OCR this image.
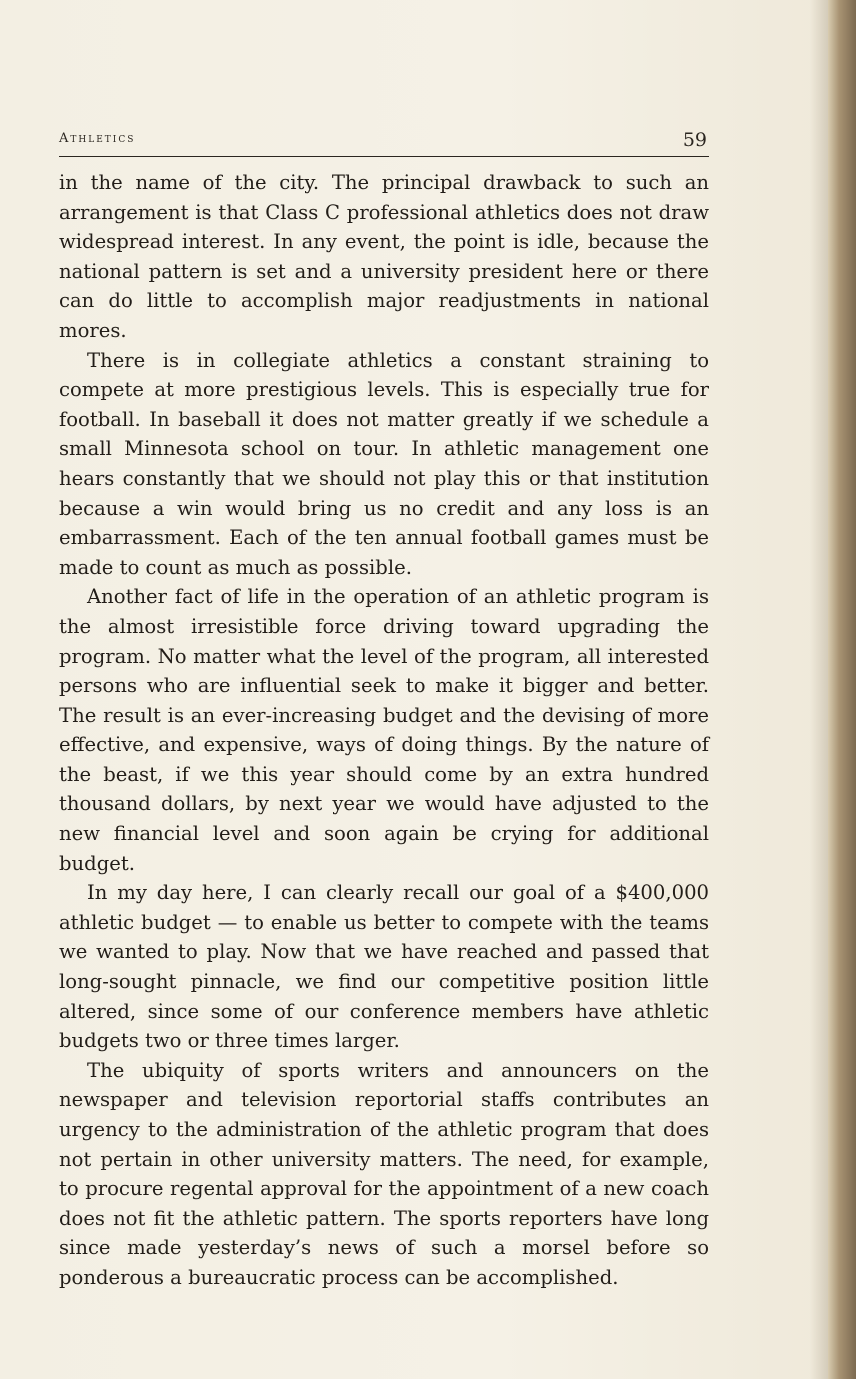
Athletics	59

in the name of the city. The principal drawback to such an arrangement is that Class C professional athletics does not draw widespread interest. In any event, the point is idle, because the national pattern is set and a university president here or there can do little to accomplish major readjustments in national mores.

There is in collegiate athletics a constant straining to compete at more prestigious levels. This is especially true for football. In baseball it does not matter greatly if we schedule a small Minnesota school on tour. In athletic management one hears constantly that we should not play this or that institution because a win would bring us no credit and any loss is an embarrassment. Each of the ten annual football games must be made to count as much as possible.

Another fact of life in the operation of an athletic program is the almost irresistible force driving toward upgrading the program. No matter what the level of the program, all interested persons who are influential seek to make it bigger and better. The result is an ever-increasing budget and the devising of more effective, and expensive, ways of doing things. By the nature of the beast, if we this year should come by an extra hundred thousand dollars, by next year we would have adjusted to the new financial level and soon again be crying for additional budget.

In my day here, I can clearly recall our goal of a $400,000 athletic budget — to enable us better to compete with the teams we wanted to play. Now that we have reached and passed that long-sought pinnacle, we find our competitive position little altered, since some of our conference members have athletic budgets two or three times larger.

The ubiquity of sports writers and announcers on the newspaper and television reportorial staffs contributes an urgency to the administration of the athletic program that does not pertain in other university matters. The need, for example, to procure regental approval for the appointment of a new coach does not fit the athletic pattern. The sports reporters have long since made yesterday’s news of such a morsel before so ponderous a bureaucratic process can be accomplished.
